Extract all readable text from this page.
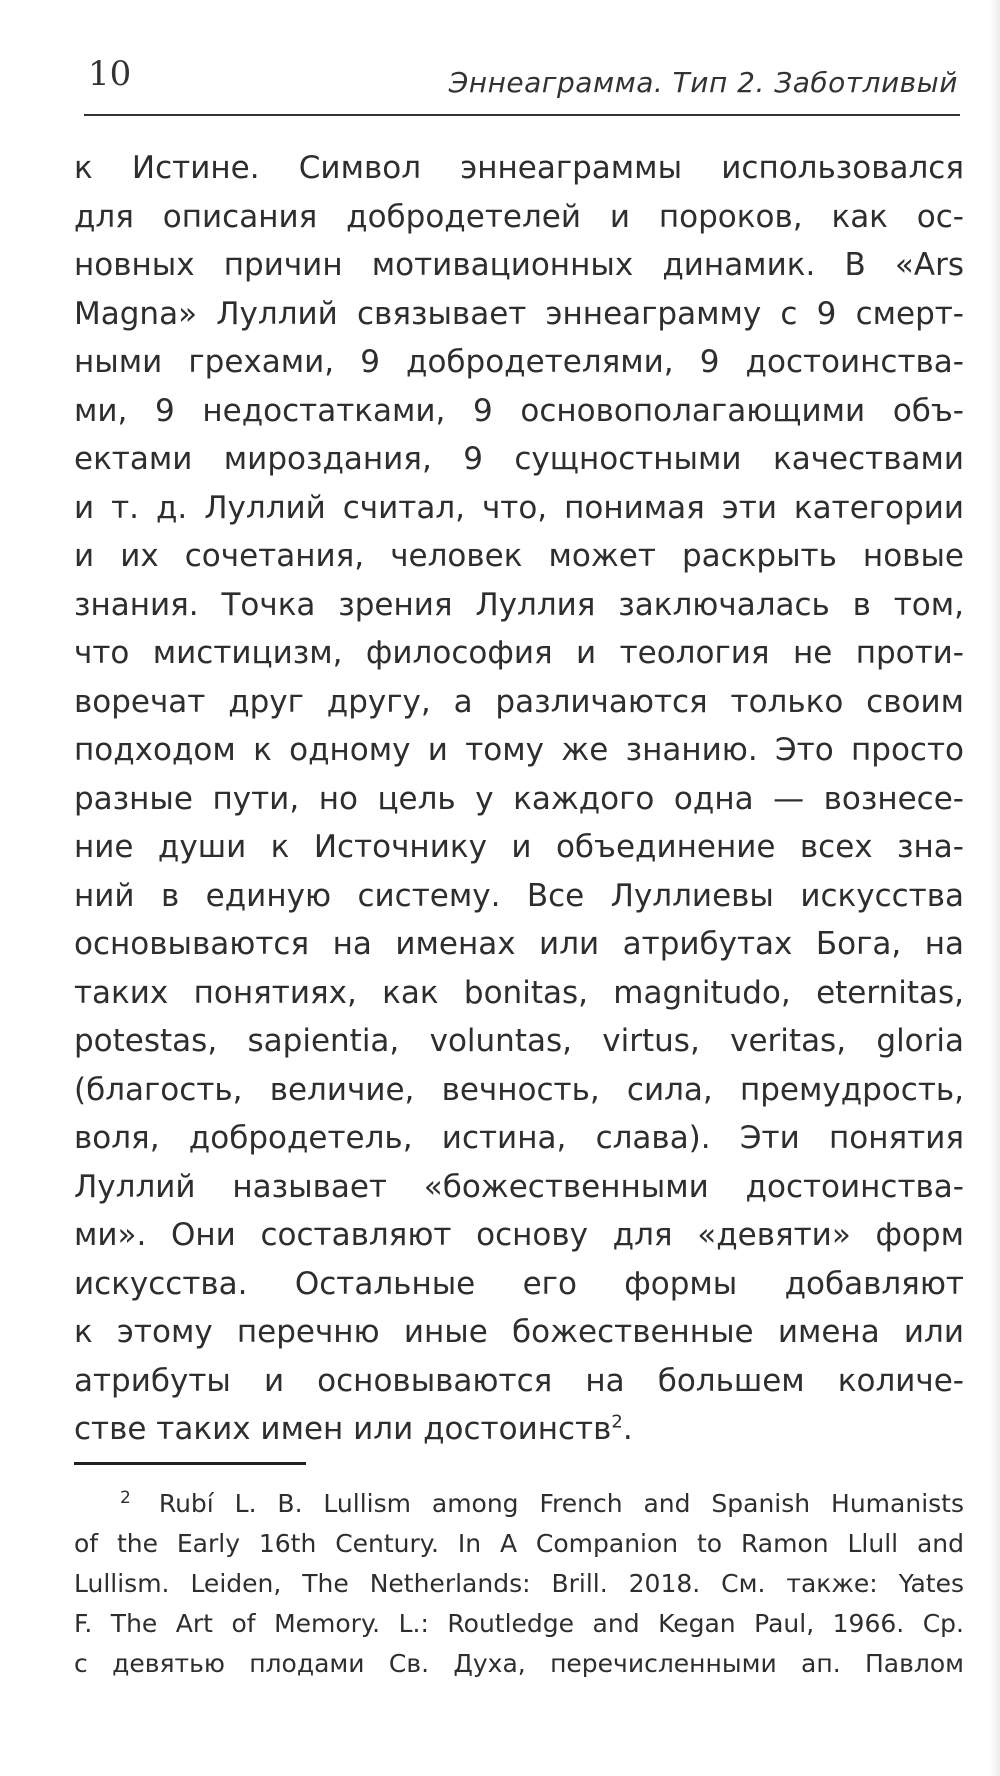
10	Эннеаграмма. Тип 2. Заботливый
к Истине. Символ эннеаграммы использовался
для описания добродетелей и пороков, как ос-
новных причин мотивационных динамик. В «Ars
Magna» Луллий связывает эннеаграмму с 9 смерт-
ными грехами, 9 добродетелями, 9 достоинства-
ми, 9 недостатками, 9 основополагающими объ-
ектами мироздания, 9 сущностными качествами
и т. д. Луллий считал, что, понимая эти категории
и их сочетания, человек может раскрыть новые
знания. Точка зрения Луллия заключалась в том,
что мистицизм, философия и теология не проти-
воречат друг другу, а различаются только своим
подходом к одному и тому же знанию. Это просто
разные пути, но цель у каждого одна — вознесе-
ние души к Источнику и объединение всех зна-
ний в единую систему. Все Луллиевы искусства
основываются на именах или атрибутах Бога, на
таких понятиях, как bonitas, magnitudo, eternitas,
potestas, sapientia, voluntas, virtus, veritas, gloria
(благость, величие, вечность, сила, премудрость,
воля, добродетель, истина, слава). Эти понятия
Луллий называет «божественными достоинства-
ми». Они составляют основу для «девяти» форм
искусства. Остальные его формы добавляют
к этому перечню иные божественные имена или
атрибуты и основываются на большем количе-
стве таких имен или достоинств$^2$.
$^2$ Rubí L. B. Lullism among French and Spanish Humanists
of the Early 16th Century. In A Companion to Ramon Llull and
Lullism. Leiden, The Netherlands: Brill. 2018. См. также: Yates
F. The Art of Memory. L.: Routledge and Kegan Paul, 1966. Ср.
с девятью плодами Св. Духа, перечисленными ап. Павлом
